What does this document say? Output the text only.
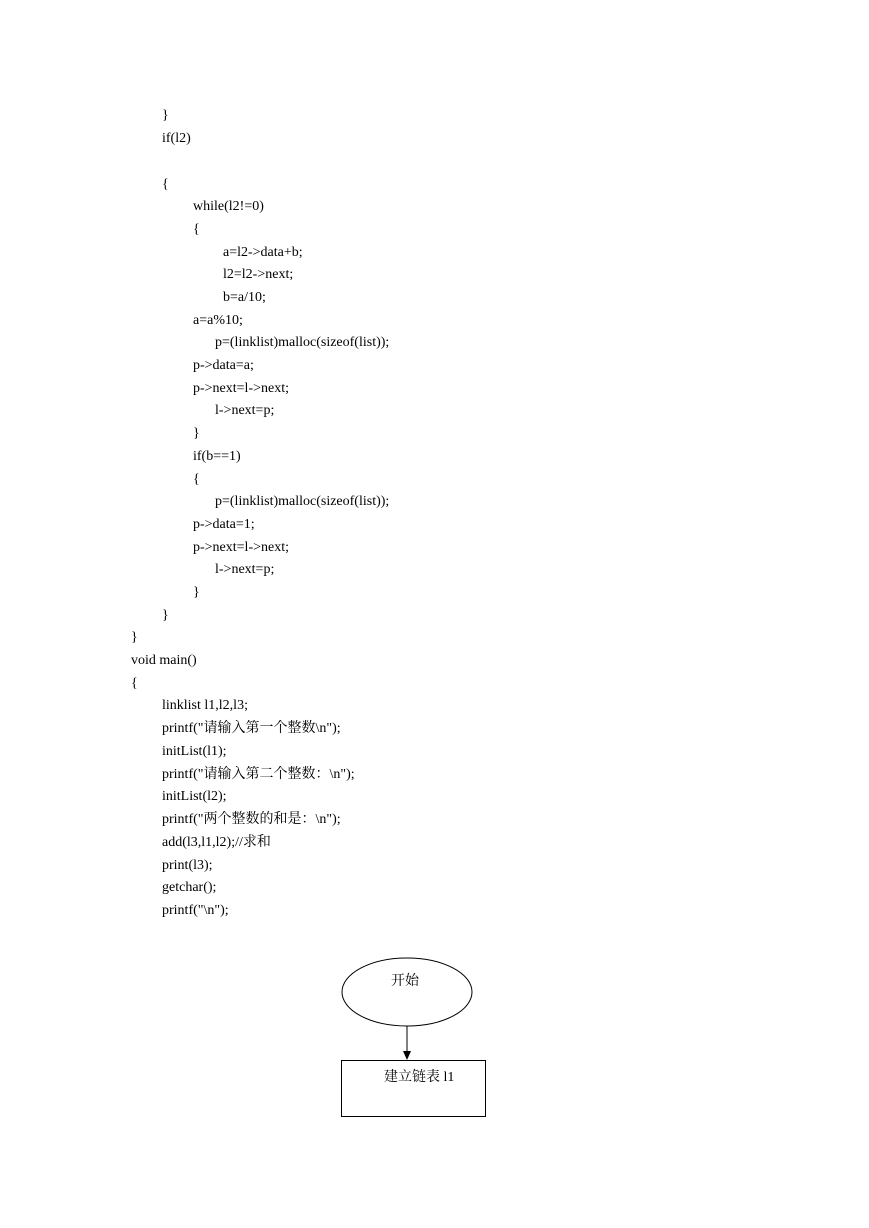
}
if(l2)
{
while(l2!=0)
{
a=l2->data+b;
l2=l2->next;
b=a/10;
a=a%10;
p=(linklist)malloc(sizeof(list));
p->data=a;
p->next=l->next;
l->next=p;
}
if(b==1)
{
p=(linklist)malloc(sizeof(list));
p->data=1;
p->next=l->next;
l->next=p;
}
}
}
void main()
{
linklist l1,l2,l3;
printf("请输入第一个整数\n");
initList(l1);
printf("请输入第二个整数：\n");
initList(l2);
printf("两个整数的和是：\n");
add(l3,l1,l2);//求和
print(l3);
getchar();
printf("\n");
开始
建立链表 l1
